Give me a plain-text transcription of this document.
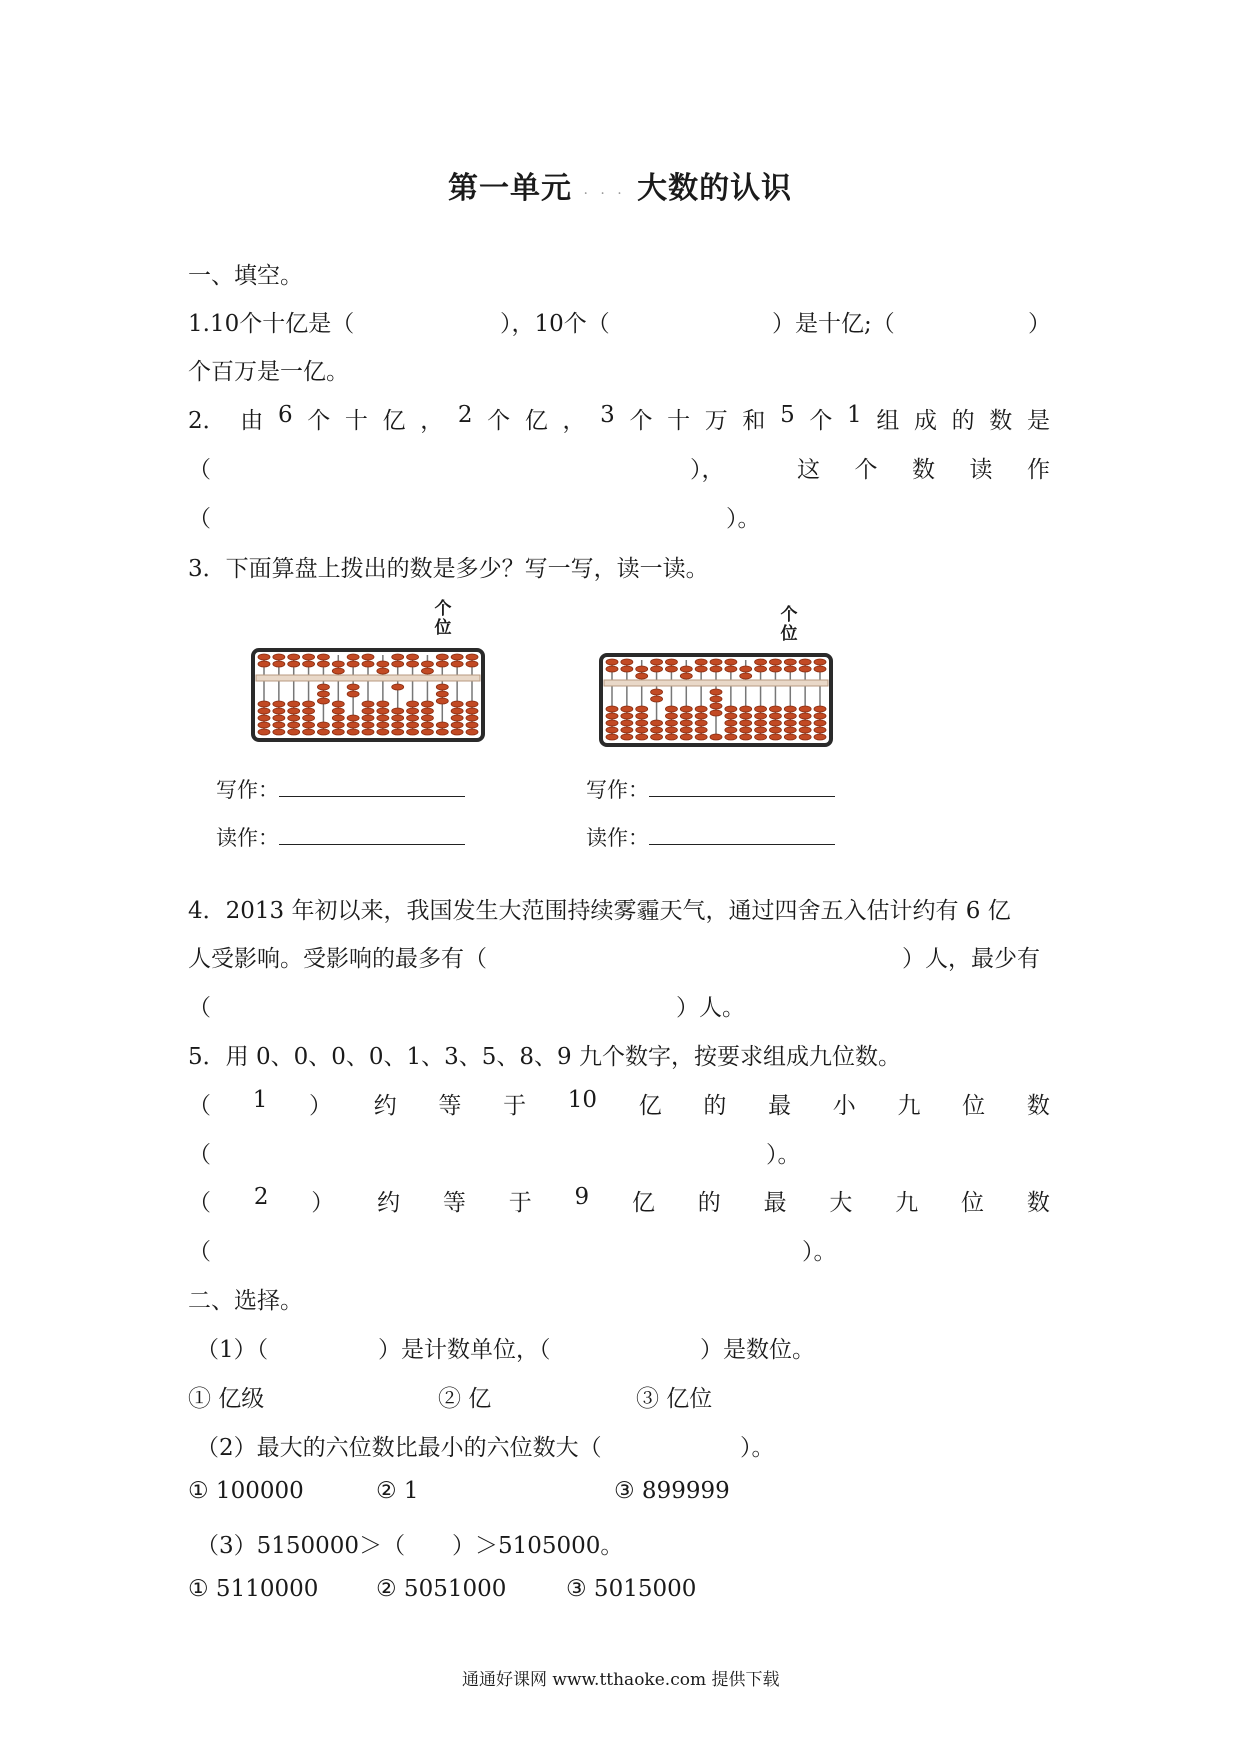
第一单元 . . . 大数的认识
一、填空。
1.10个十亿是（	），10个（	）是十亿;（	）
个百万是一亿。
2． 由 6 个 十 亿 ， 2 个 亿 ， 3 个 十 万 和 5 个 1 组 成 的 数 是
（	），	这 个 数 读 作
（	）。
3．下面算盘上拨出的数是多少？写一写，读一读。
个
位
个
位
写作：
读作：
写作：
读作：
4．2013 年初以来，我国发生大范围持续雾霾天气，通过四舍五入估计约有 6 亿
人受影响。受影响的最多有（	）人，最少有
（	）人。
5．用 0、0、0、0、1、3、5、8、9 九个数字，按要求组成九位数。
（ 1 ） 约 等 于 10 亿 的 最 小 九 位 数
（	）。
（ 2 ） 约 等 于 9 亿 的 最 大 九 位 数
（	）。
二、选择。
（1）（	）是计数单位，（	）是数位。
① 亿级	② 亿	③ 亿位
（2）最大的六位数比最小的六位数大（	）。
① 100000	② 1	③ 899999
（3）5150000＞（ ）＞5105000。
① 5110000	② 5051000	③ 5015000
通通好课网 www.tthaoke.com 提供下载
